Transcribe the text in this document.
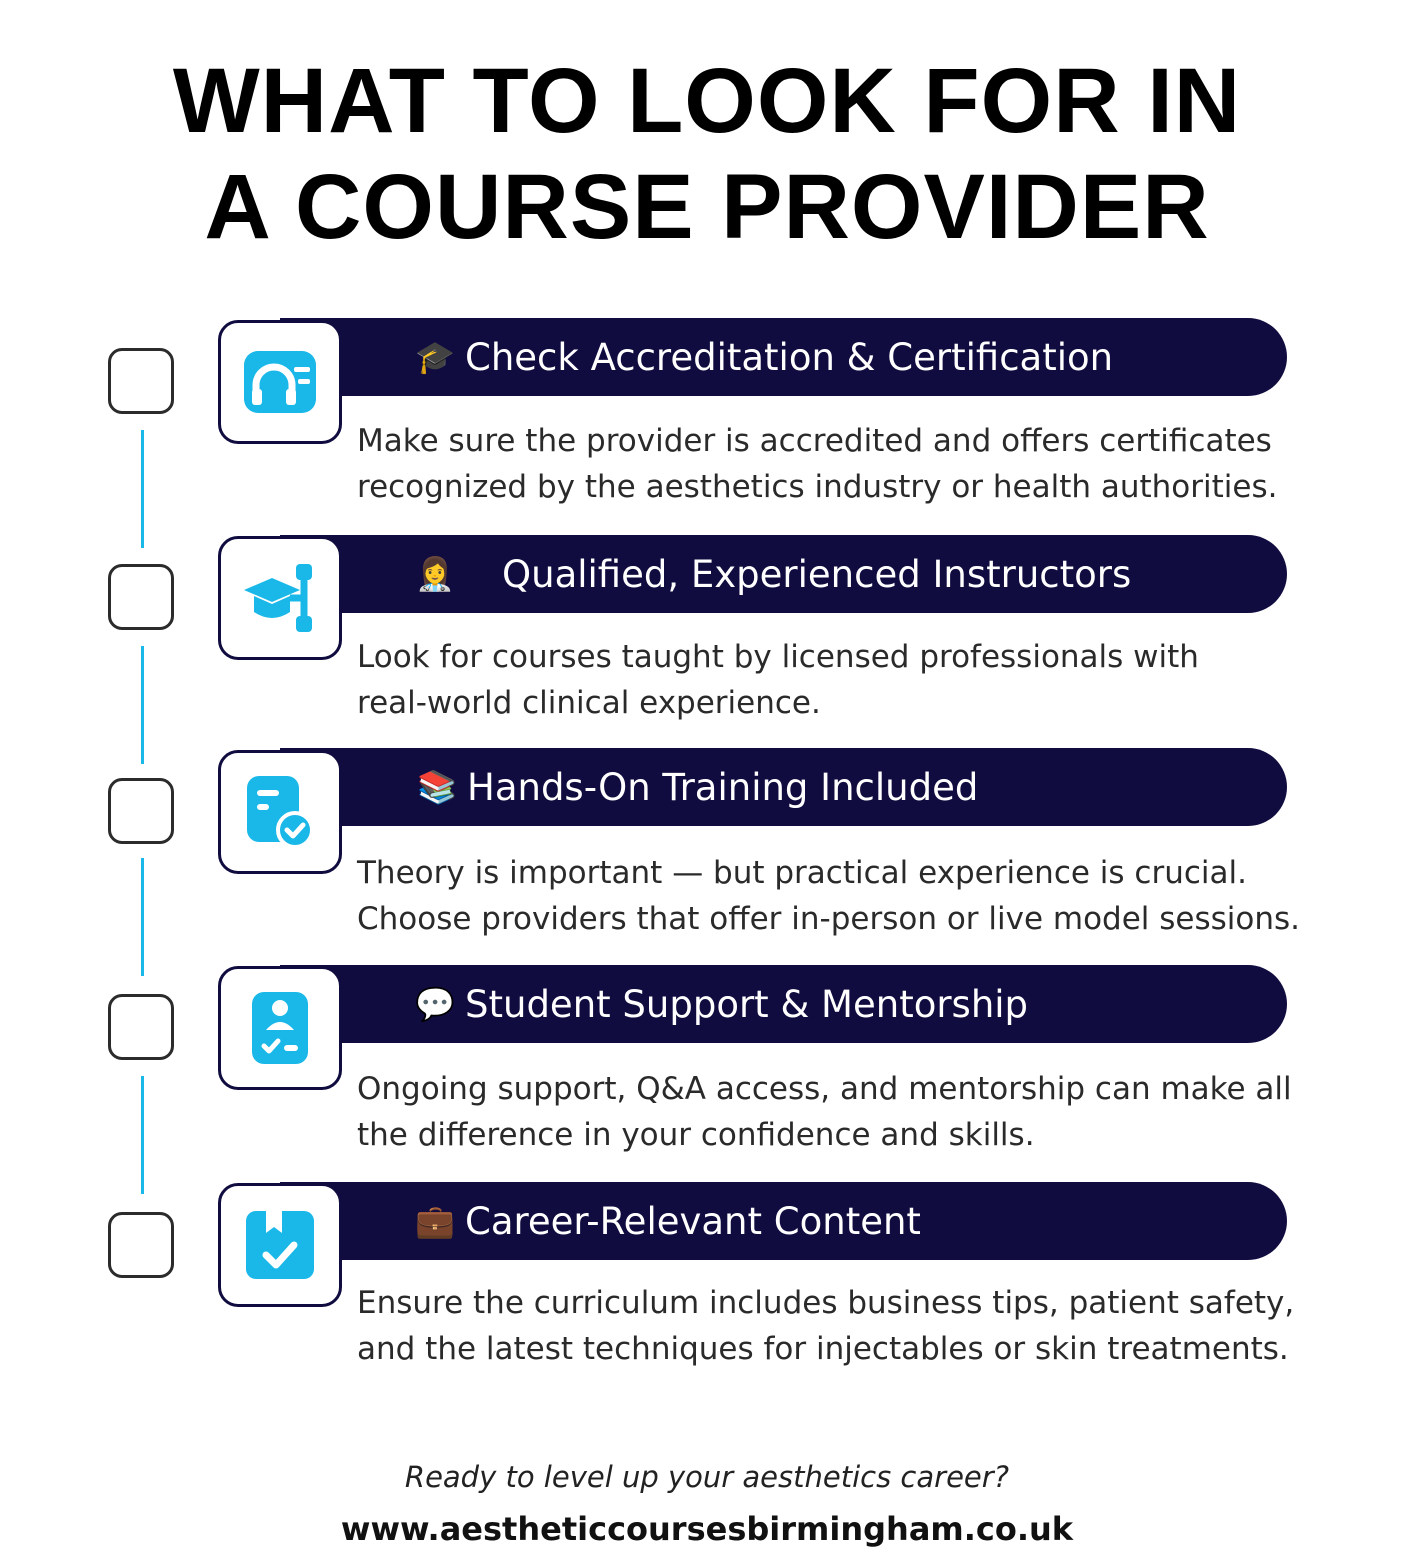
WHAT TO LOOK FOR IN
A COURSE PROVIDER
🎓 Check Accreditation & Certification

Make sure the provider is accredited and offers certificates
recognized by the aesthetics industry or health authorities.

👩‍⚕️ Qualified, Experienced Instructors

Look for courses taught by licensed professionals with
real-world clinical experience.

📚 Hands-On Training Included

Theory is important — but practical experience is crucial.
Choose providers that offer in-person or live model sessions.

💬 Student Support & Mentorship

Ongoing support, Q&A access, and mentorship can make all
the difference in your confidence and skills.

💼 Career-Relevant Content

Ensure the curriculum includes business tips, patient safety,
and the latest techniques for injectables or skin treatments.

Ready to level up your aesthetics career?
www.aestheticcoursesbirmingham.co.uk
